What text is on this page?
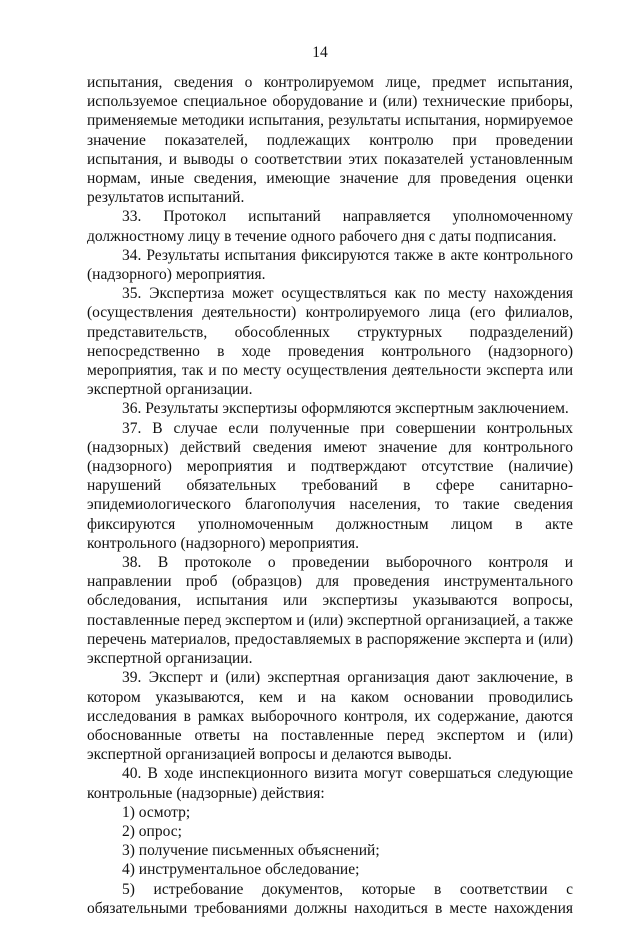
14

испытания, сведения о контролируемом лице, предмет испытания, используемое специальное оборудование и (или) технические приборы, применяемые методики испытания, результаты испытания, нормируемое значение показателей, подлежащих контролю при проведении испытания, и выводы о соответствии этих показателей установленным нормам, иные сведения, имеющие значение для проведения оценки результатов испытаний.

33. Протокол испытаний направляется уполномоченному должностному лицу в течение одного рабочего дня с даты подписания.

34. Результаты испытания фиксируются также в акте контрольного (надзорного) мероприятия.

35. Экспертиза может осуществляться как по месту нахождения (осуществления деятельности) контролируемого лица (его филиалов, представительств, обособленных структурных подразделений) непосредственно в ходе проведения контрольного (надзорного) мероприятия, так и по месту осуществления деятельности эксперта или экспертной организации.

36. Результаты экспертизы оформляются экспертным заключением.

37. В случае если полученные при совершении контрольных (надзорных) действий сведения имеют значение для контрольного (надзорного) мероприятия и подтверждают отсутствие (наличие) нарушений обязательных требований в сфере санитарно-эпидемиологического благополучия населения, то такие сведения фиксируются уполномоченным должностным лицом в акте контрольного (надзорного) мероприятия.

38. В протоколе о проведении выборочного контроля и направлении проб (образцов) для проведения инструментального обследования, испытания или экспертизы указываются вопросы, поставленные перед экспертом и (или) экспертной организацией, а также перечень материалов, предоставляемых в распоряжение эксперта и (или) экспертной организации.

39. Эксперт и (или) экспертная организация дают заключение, в котором указываются, кем и на каком основании проводились исследования в рамках выборочного контроля, их содержание, даются обоснованные ответы на поставленные перед экспертом и (или) экспертной организацией вопросы и делаются выводы.

40. В ходе инспекционного визита могут совершаться следующие контрольные (надзорные) действия:

1) осмотр;

2) опрос;

3) получение письменных объяснений;

4) инструментальное обследование;

5) истребование документов, которые в соответствии с обязательными требованиями должны находиться в месте нахождения
